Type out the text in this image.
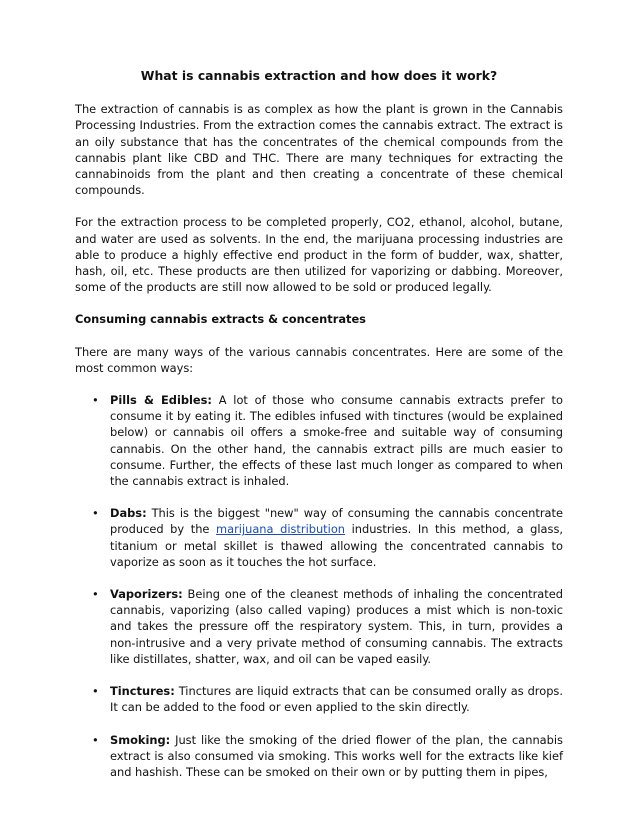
What is cannabis extraction and how does it work?

The extraction of cannabis is as complex as how the plant is grown in the Cannabis Processing Industries. From the extraction comes the cannabis extract. The extract is an oily substance that has the concentrates of the chemical compounds from the cannabis plant like CBD and THC. There are many techniques for extracting the cannabinoids from the plant and then creating a concentrate of these chemical compounds.

For the extraction process to be completed properly, CO2, ethanol, alcohol, butane, and water are used as solvents. In the end, the marijuana processing industries are able to produce a highly effective end product in the form of budder, wax, shatter, hash, oil, etc. These products are then utilized for vaporizing or dabbing. Moreover, some of the products are still now allowed to be sold or produced legally.

Consuming cannabis extracts & concentrates

There are many ways of the various cannabis concentrates. Here are some of the most common ways:

• Pills & Edibles: A lot of those who consume cannabis extracts prefer to consume it by eating it. The edibles infused with tinctures (would be explained below) or cannabis oil offers a smoke-free and suitable way of consuming cannabis. On the other hand, the cannabis extract pills are much easier to consume. Further, the effects of these last much longer as compared to when the cannabis extract is inhaled.
• Dabs: This is the biggest "new" way of consuming the cannabis concentrate produced by the marijuana distribution industries. In this method, a glass, titanium or metal skillet is thawed allowing the concentrated cannabis to vaporize as soon as it touches the hot surface.
• Vaporizers: Being one of the cleanest methods of inhaling the concentrated cannabis, vaporizing (also called vaping) produces a mist which is non-toxic and takes the pressure off the respiratory system. This, in turn, provides a non-intrusive and a very private method of consuming cannabis. The extracts like distillates, shatter, wax, and oil can be vaped easily.
• Tinctures: Tinctures are liquid extracts that can be consumed orally as drops. It can be added to the food or even applied to the skin directly.
• Smoking: Just like the smoking of the dried flower of the plan, the cannabis extract is also consumed via smoking. This works well for the extracts like kief and hashish. These can be smoked on their own or by putting them in pipes,
